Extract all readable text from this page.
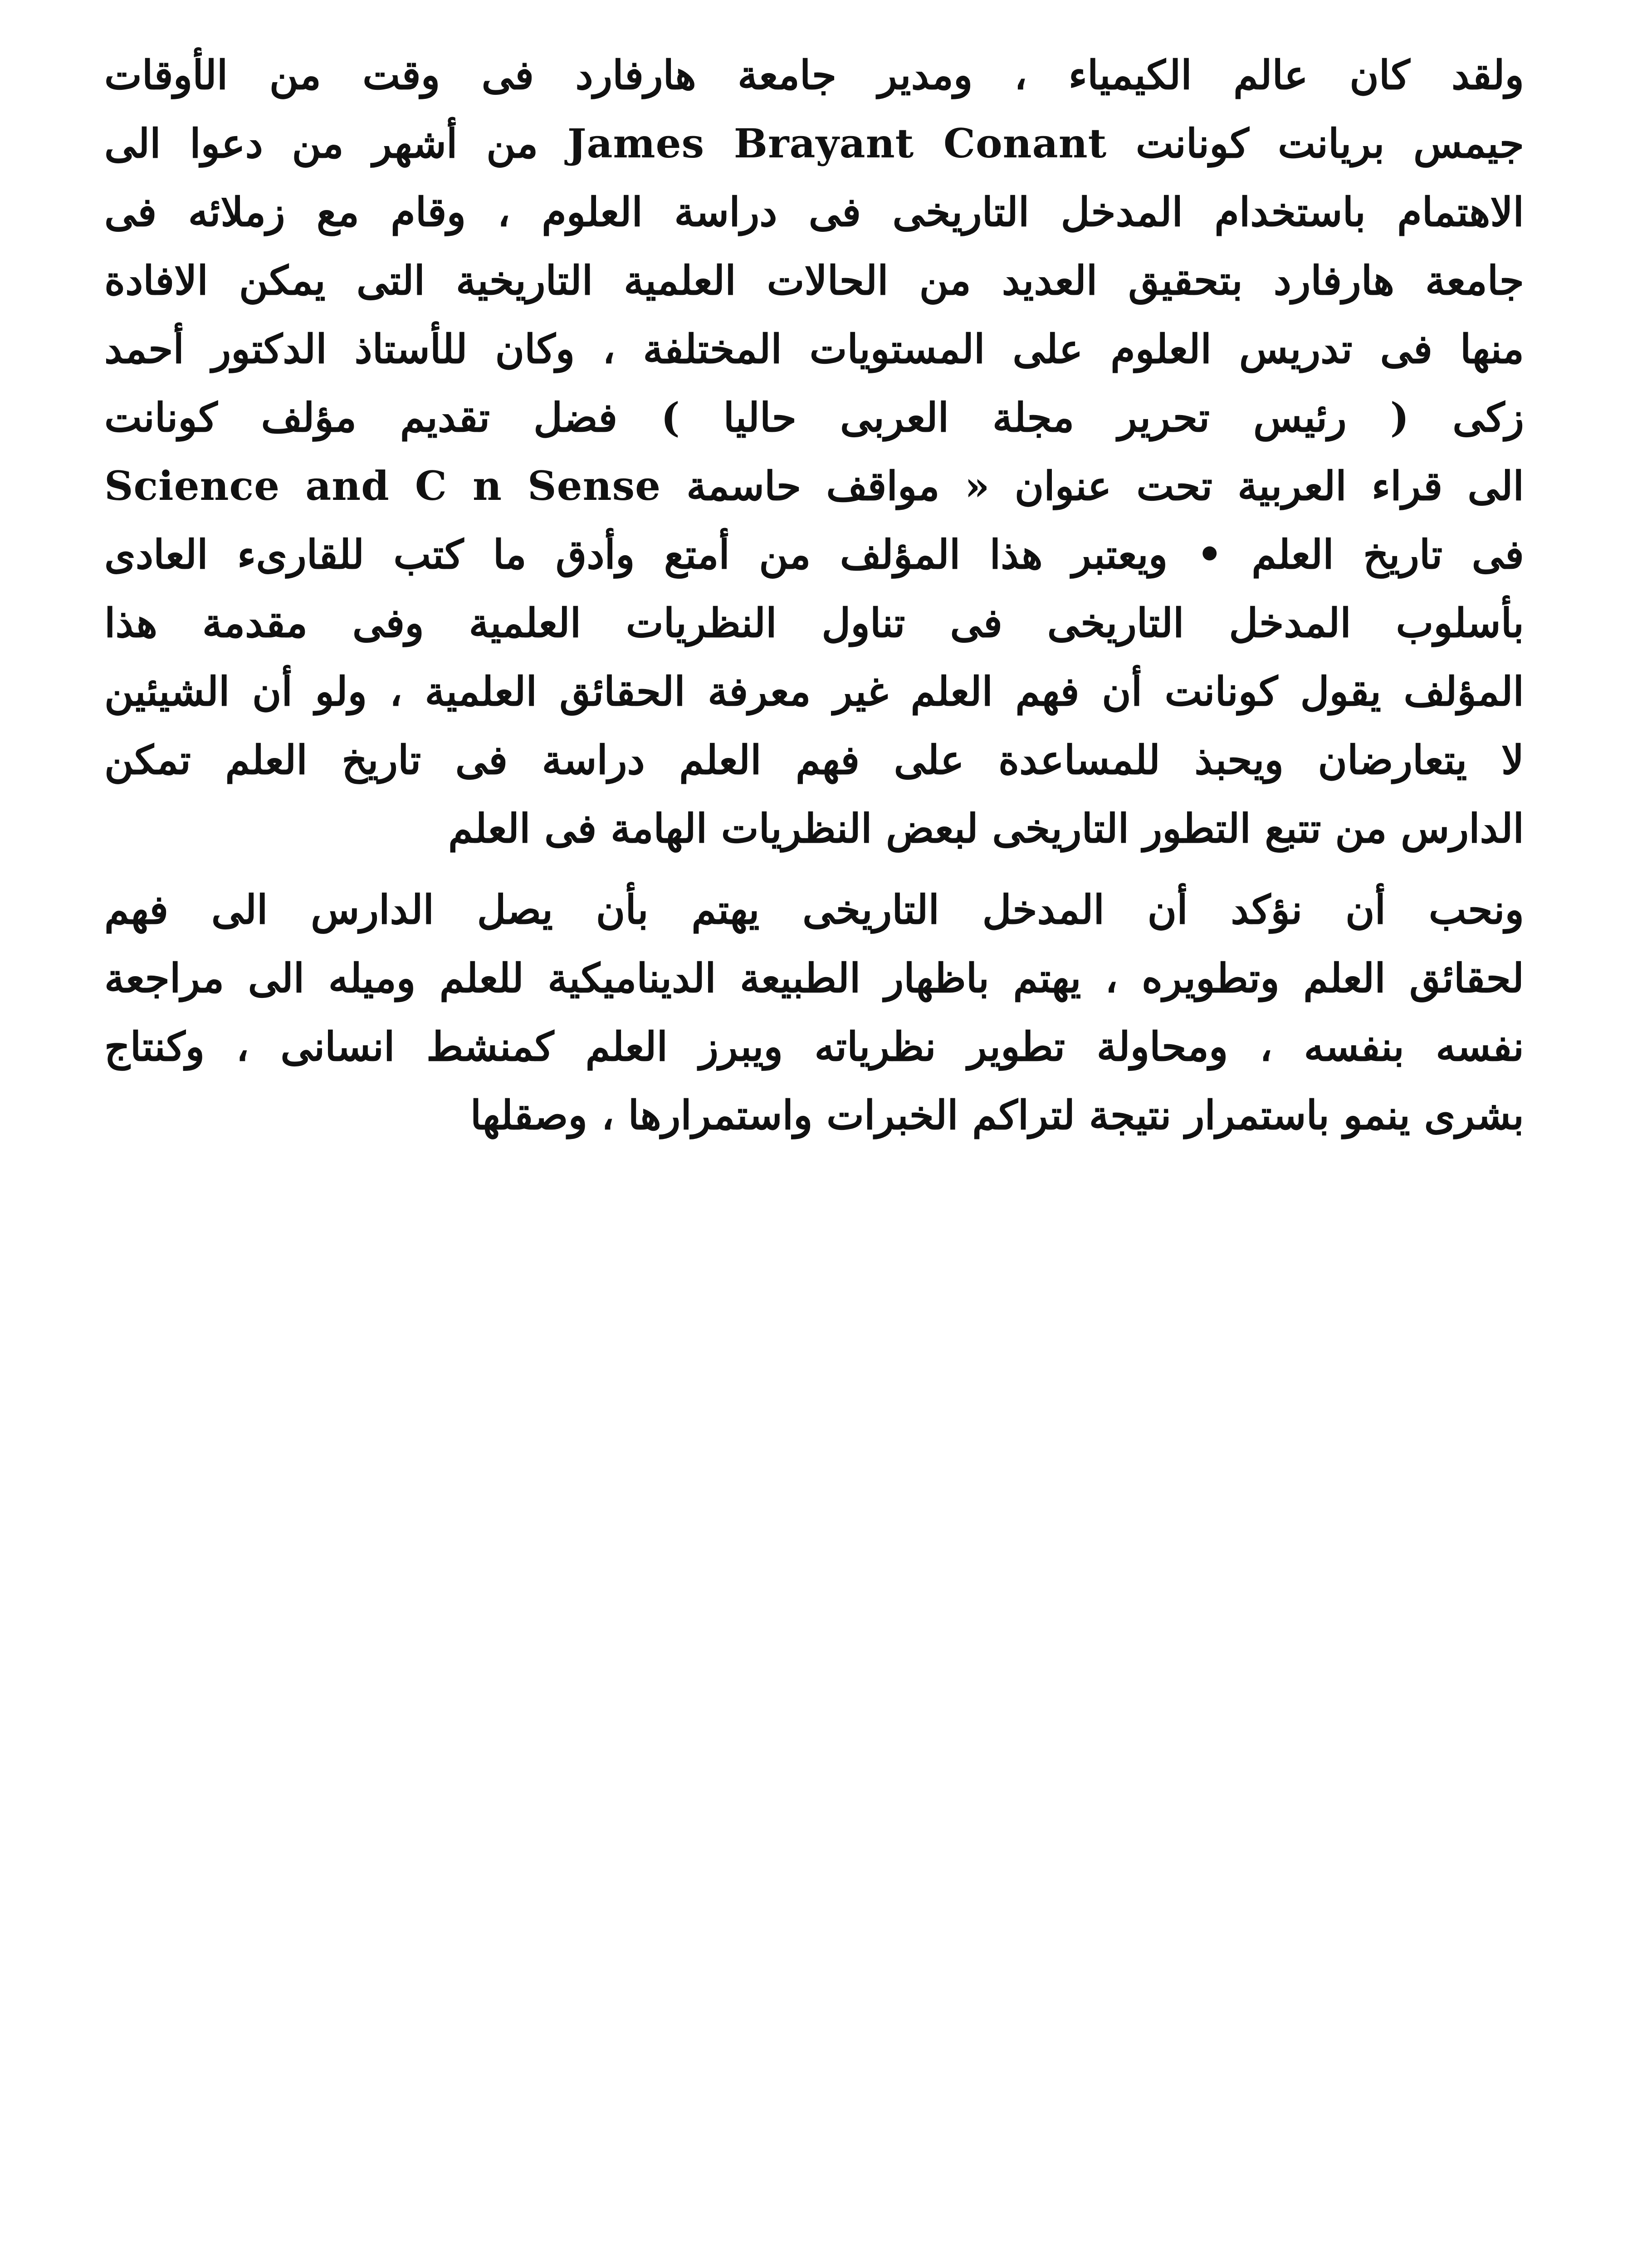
ولقد كان عالم الكيمياء ، ومدير جامعة هارفارد فى وقت من الأوقات
جيمس بريانت كونانت James Brayant Conant من أشهر من دعوا الى
الاهتمام باستخدام المدخل التاريخى فى دراسة العلوم ، وقام مع زملائه فى
جامعة هارفارد بتحقيق العديد من الحالات العلمية التاريخية التى يمكن الافادة
منها فى تدريس العلوم على المستويات المختلفة ، وكان للأستاذ الدكتور أحمد
زكى ( رئيس تحرير مجلة العربى حاليا ) فضل تقديم مؤلف كونانت
Science and C n Sense الى قراء العربية تحت عنوان « مواقف حاسمة
فى تاريخ العلم • ويعتبر هذا المؤلف من أمتع وأدق ما كتب للقارىء العادى
بأسلوب المدخل التاريخى فى تناول النظريات العلمية وفى مقدمة هذا
المؤلف يقول كونانت أن فهم العلم غير معرفة الحقائق العلمية ، ولو أن الشيئين
لا يتعارضان ويحبذ للمساعدة على فهم العلم دراسة فى تاريخ العلم تمكن
الدارس من تتبع التطور التاريخى لبعض النظريات الهامة فى العلم
ونحب أن نؤكد أن المدخل التاريخى يهتم بأن يصل الدارس الى فهم
لحقائق العلم وتطويره ، يهتم باظهار الطبيعة الديناميكية للعلم وميله الى مراجعة
نفسه بنفسه ، ومحاولة تطوير نظرياته ويبرز العلم كمنشط انسانى ، وكنتاج
بشرى ينمو باستمرار نتيجة لتراكم الخبرات واستمرارها ، وصقلها
